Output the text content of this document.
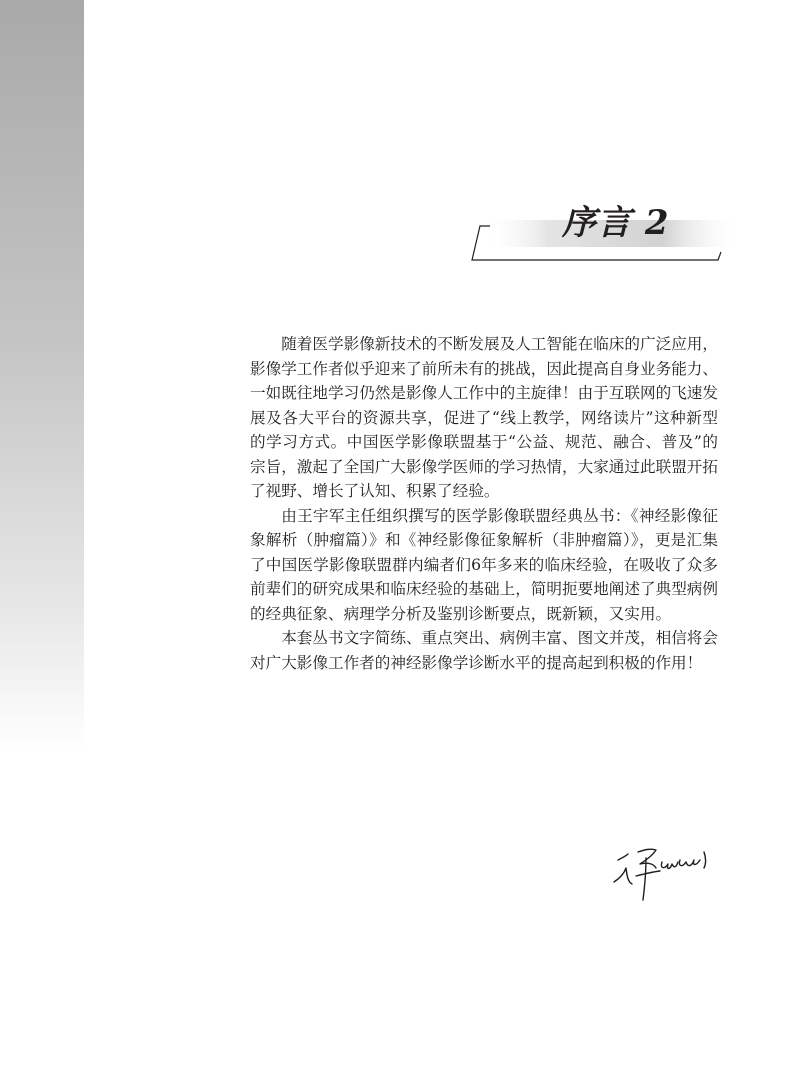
序言 2

随着医学影像新技术的不断发展及人工智能在临床的广泛应用，影像学工作者似乎迎来了前所未有的挑战，因此提高自身业务能力、一如既往地学习仍然是影像人工作中的主旋律！由于互联网的飞速发展及各大平台的资源共享，促进了“线上教学，网络读片”这种新型的学习方式。中国医学影像联盟基于“公益、规范、融合、普及”的宗旨，激起了全国广大影像学医师的学习热情，大家通过此联盟开拓了视野、增长了认知、积累了经验。

由王宇军主任组织撰写的医学影像联盟经典丛书：《神经影像征象解析（肿瘤篇）》和《神经影像征象解析（非肿瘤篇）》，更是汇集了中国医学影像联盟群内编者们6年多来的临床经验，在吸收了众多前辈们的研究成果和临床经验的基础上，简明扼要地阐述了典型病例的经典征象、病理学分析及鉴别诊断要点，既新颖，又实用。

本套丛书文字简练、重点突出、病例丰富、图文并茂，相信将会对广大影像工作者的神经影像学诊断水平的提高起到积极的作用！
